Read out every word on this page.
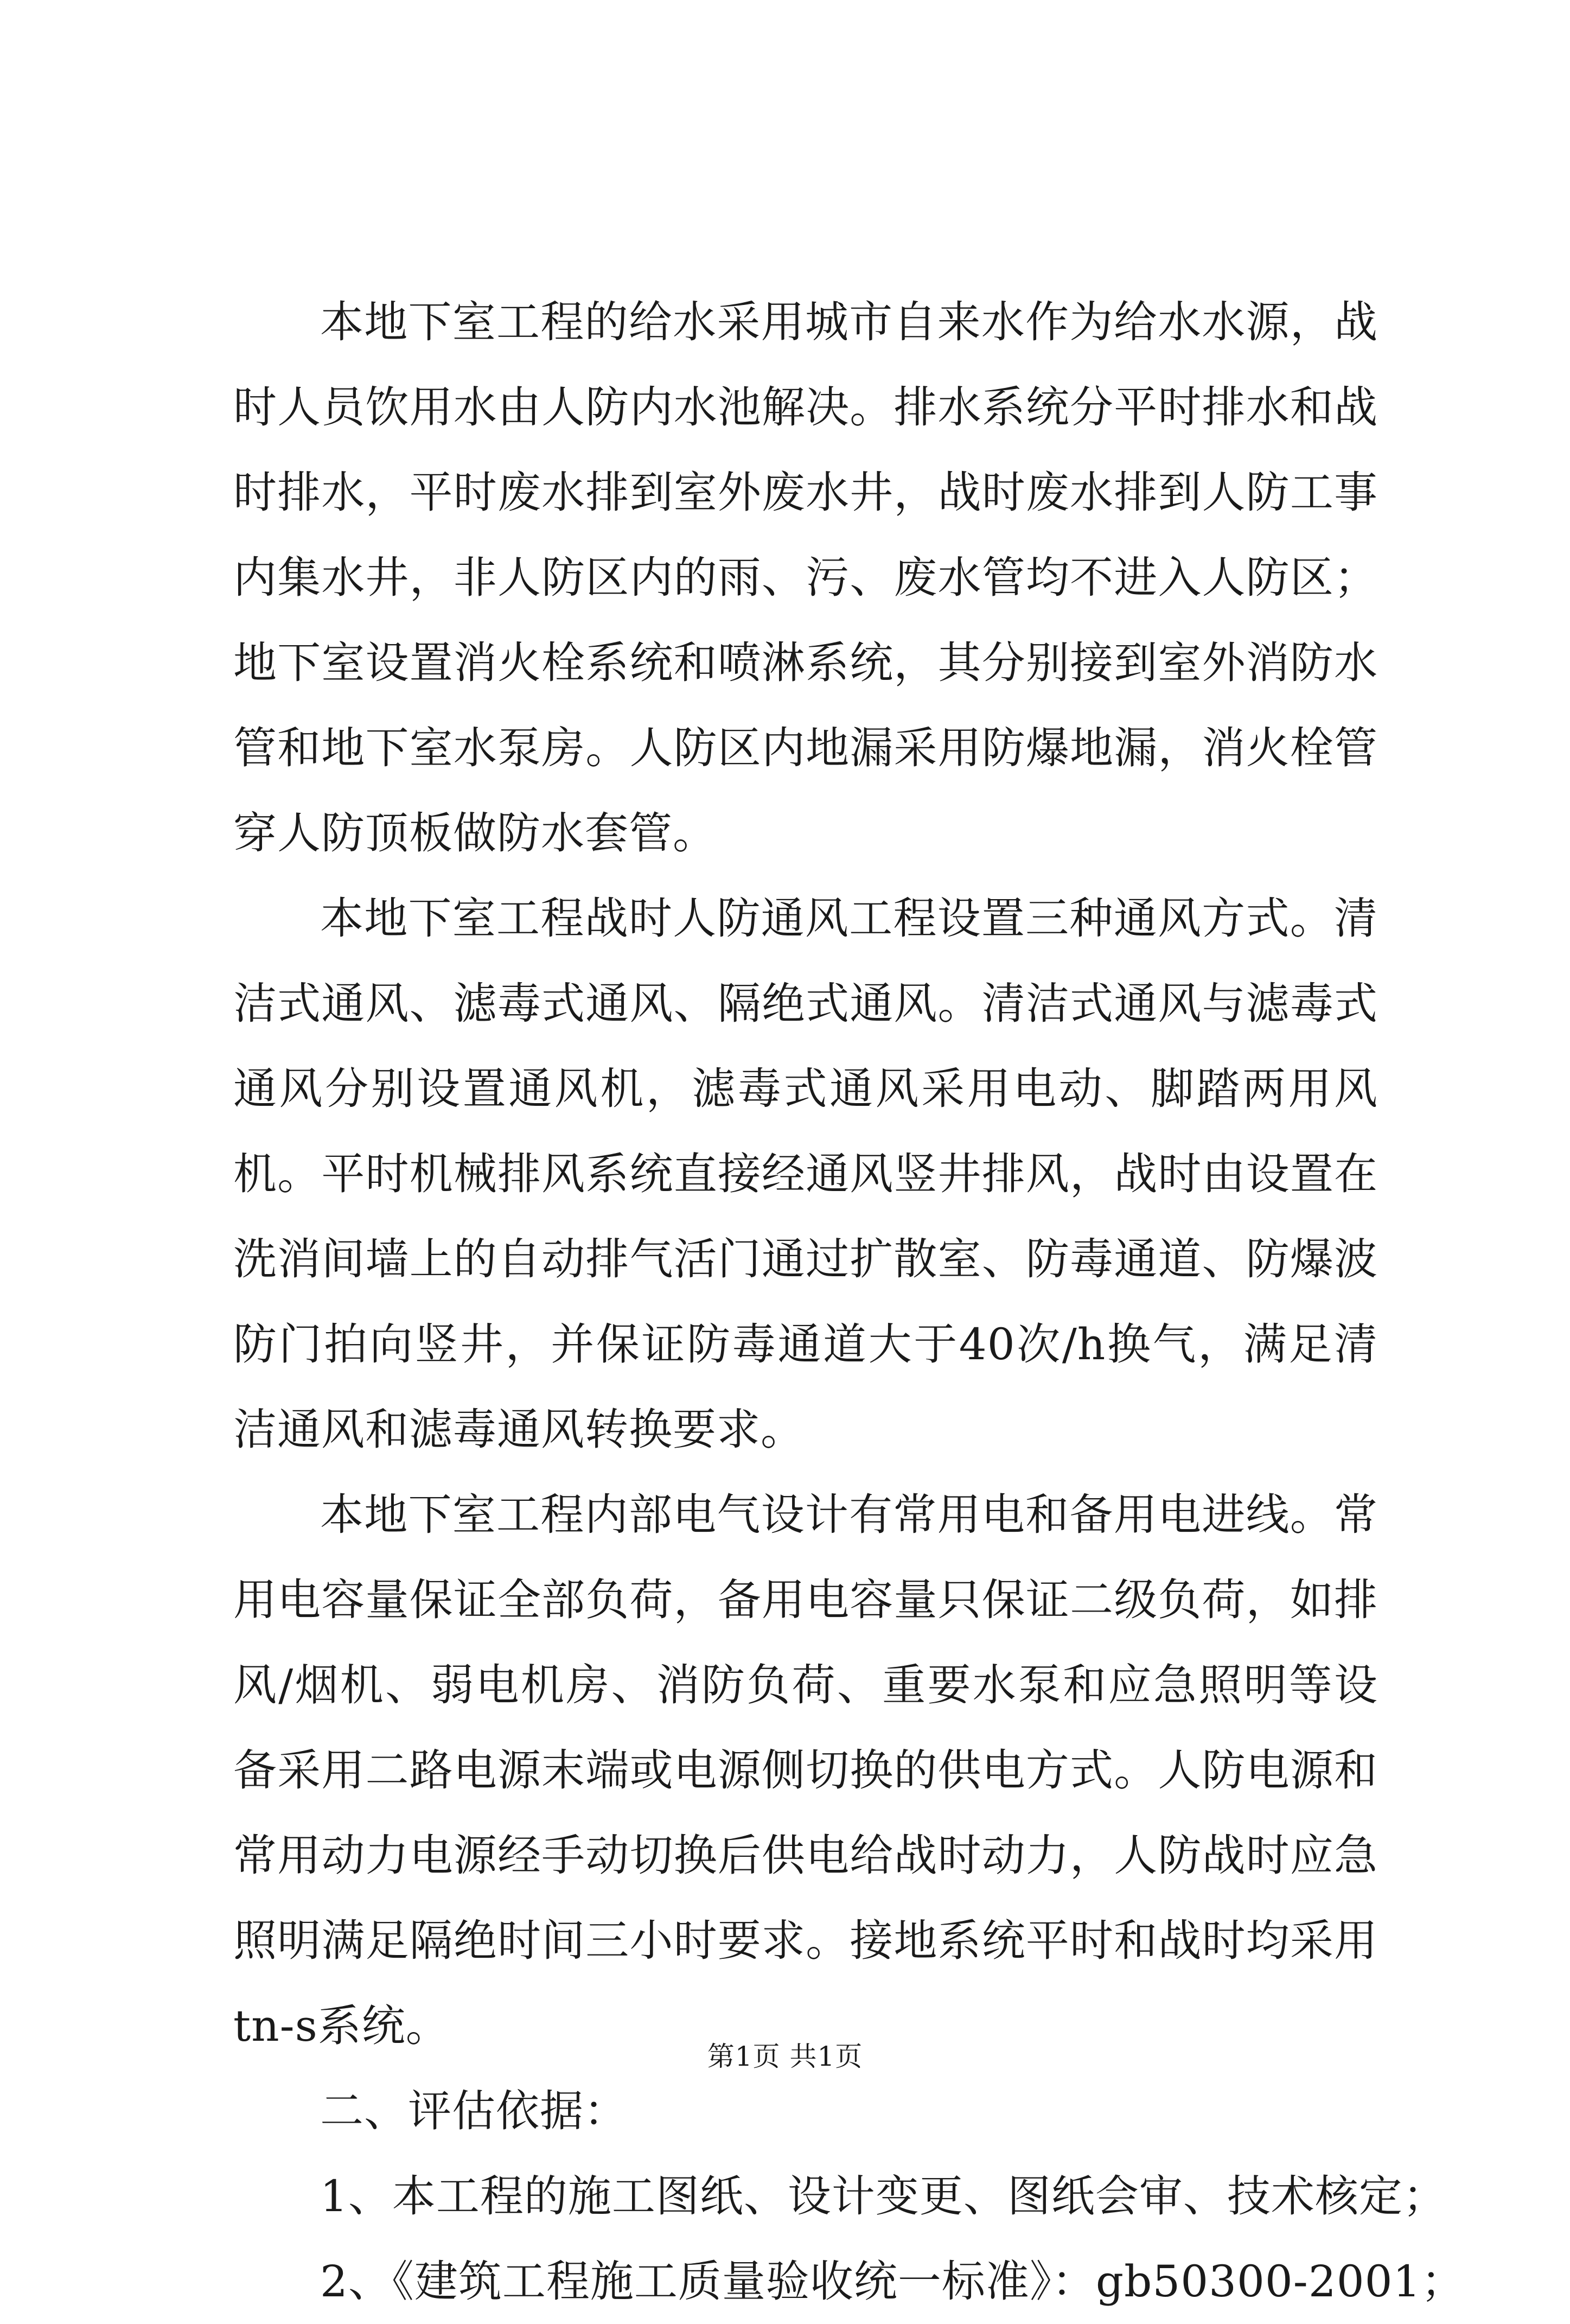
本地下室工程的给水采用城市自来水作为给水水源，战时人员饮用水由人防内水池解决。排水系统分平时排水和战时排水，平时废水排到室外废水井，战时废水排到人防工事内集水井，非人防区内的雨、污、废水管均不进入人防区；地下室设置消火栓系统和喷淋系统，其分别接到室外消防水管和地下室水泵房。人防区内地漏采用防爆地漏，消火栓管穿人防顶板做防水套管。

本地下室工程战时人防通风工程设置三种通风方式。清洁式通风、滤毒式通风、隔绝式通风。清洁式通风与滤毒式通风分别设置通风机，滤毒式通风采用电动、脚踏两用风机。平时机械排风系统直接经通风竖井排风，战时由设置在洗消间墙上的自动排气活门通过扩散室、防毒通道、防爆波防门拍向竖井，并保证防毒通道大于40次/h换气，满足清洁通风和滤毒通风转换要求。

本地下室工程内部电气设计有常用电和备用电进线。常用电容量保证全部负荷，备用电容量只保证二级负荷，如排风/烟机、弱电机房、消防负荷、重要水泵和应急照明等设备采用二路电源末端或电源侧切换的供电方式。人防电源和常用动力电源经手动切换后供电给战时动力，人防战时应急照明满足隔绝时间三小时要求。接地系统平时和战时均采用tn-s系统。

二、评估依据：

1、本工程的施工图纸、设计变更、图纸会审、技术核定；

2、《建筑工程施工质量验收统一标准》：gb50300-2001；

第1页 共1页
